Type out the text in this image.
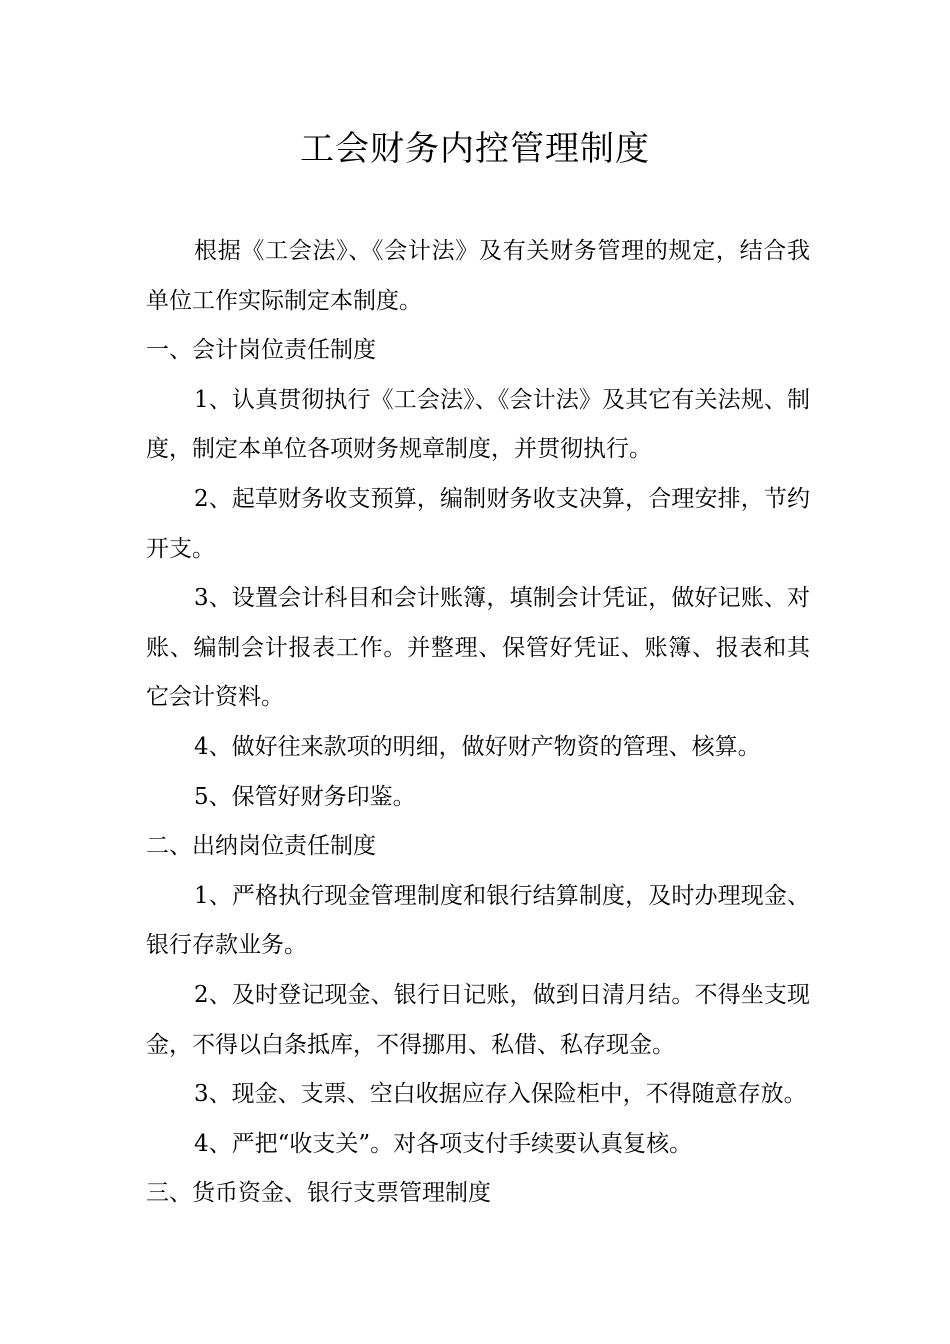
工会财务内控管理制度

根据《工会法》、《会计法》及有关财务管理的规定，结合我单位工作实际制定本制度。

一、会计岗位责任制度

1、认真贯彻执行《工会法》、《会计法》及其它有关法规、制度，制定本单位各项财务规章制度，并贯彻执行。

2、起草财务收支预算，编制财务收支决算，合理安排，节约开支。

3、设置会计科目和会计账簿，填制会计凭证，做好记账、对账、编制会计报表工作。并整理、保管好凭证、账簿、报表和其它会计资料。

4、做好往来款项的明细，做好财产物资的管理、核算。

5、保管好财务印鉴。

二、出纳岗位责任制度

1、严格执行现金管理制度和银行结算制度，及时办理现金、银行存款业务。

2、及时登记现金、银行日记账，做到日清月结。不得坐支现金，不得以白条抵库，不得挪用、私借、私存现金。

3、现金、支票、空白收据应存入保险柜中，不得随意存放。

4、严把“收支关”。对各项支付手续要认真复核。

三、货币资金、银行支票管理制度
